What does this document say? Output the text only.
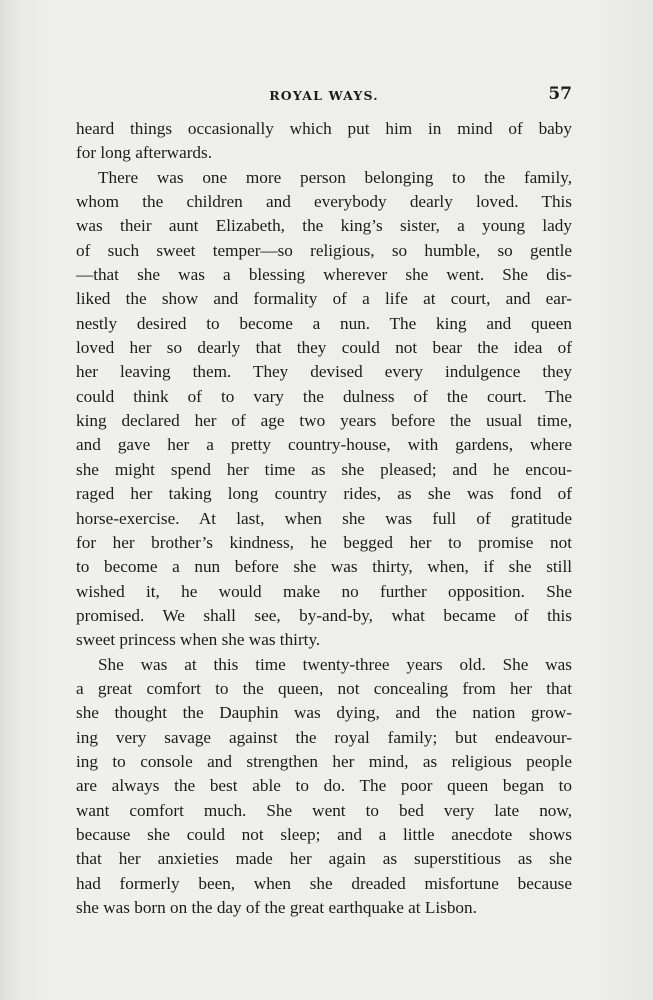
ROYAL WAYS.	57
heard things occasionally which put him in mind of baby
for long afterwards.
There was one more person belonging to the family,
whom the children and everybody dearly loved. This
was their aunt Elizabeth, the king’s sister, a young lady
of such sweet temper—so religious, so humble, so gentle
—that she was a blessing wherever she went. She dis-
liked the show and formality of a life at court, and ear-
nestly desired to become a nun. The king and queen
loved her so dearly that they could not bear the idea of
her leaving them. They devised every indulgence they
could think of to vary the dulness of the court. The
king declared her of age two years before the usual time,
and gave her a pretty country-house, with gardens, where
she might spend her time as she pleased; and he encou-
raged her taking long country rides, as she was fond of
horse-exercise. At last, when she was full of gratitude
for her brother’s kindness, he begged her to promise not
to become a nun before she was thirty, when, if she still
wished it, he would make no further opposition. She
promised. We shall see, by-and-by, what became of this
sweet princess when she was thirty.
She was at this time twenty-three years old. She was
a great comfort to the queen, not concealing from her that
she thought the Dauphin was dying, and the nation grow-
ing very savage against the royal family; but endeavour-
ing to console and strengthen her mind, as religious people
are always the best able to do. The poor queen began to
want comfort much. She went to bed very late now,
because she could not sleep; and a little anecdote shows
that her anxieties made her again as superstitious as she
had formerly been, when she dreaded misfortune because
she was born on the day of the great earthquake at Lisbon.
